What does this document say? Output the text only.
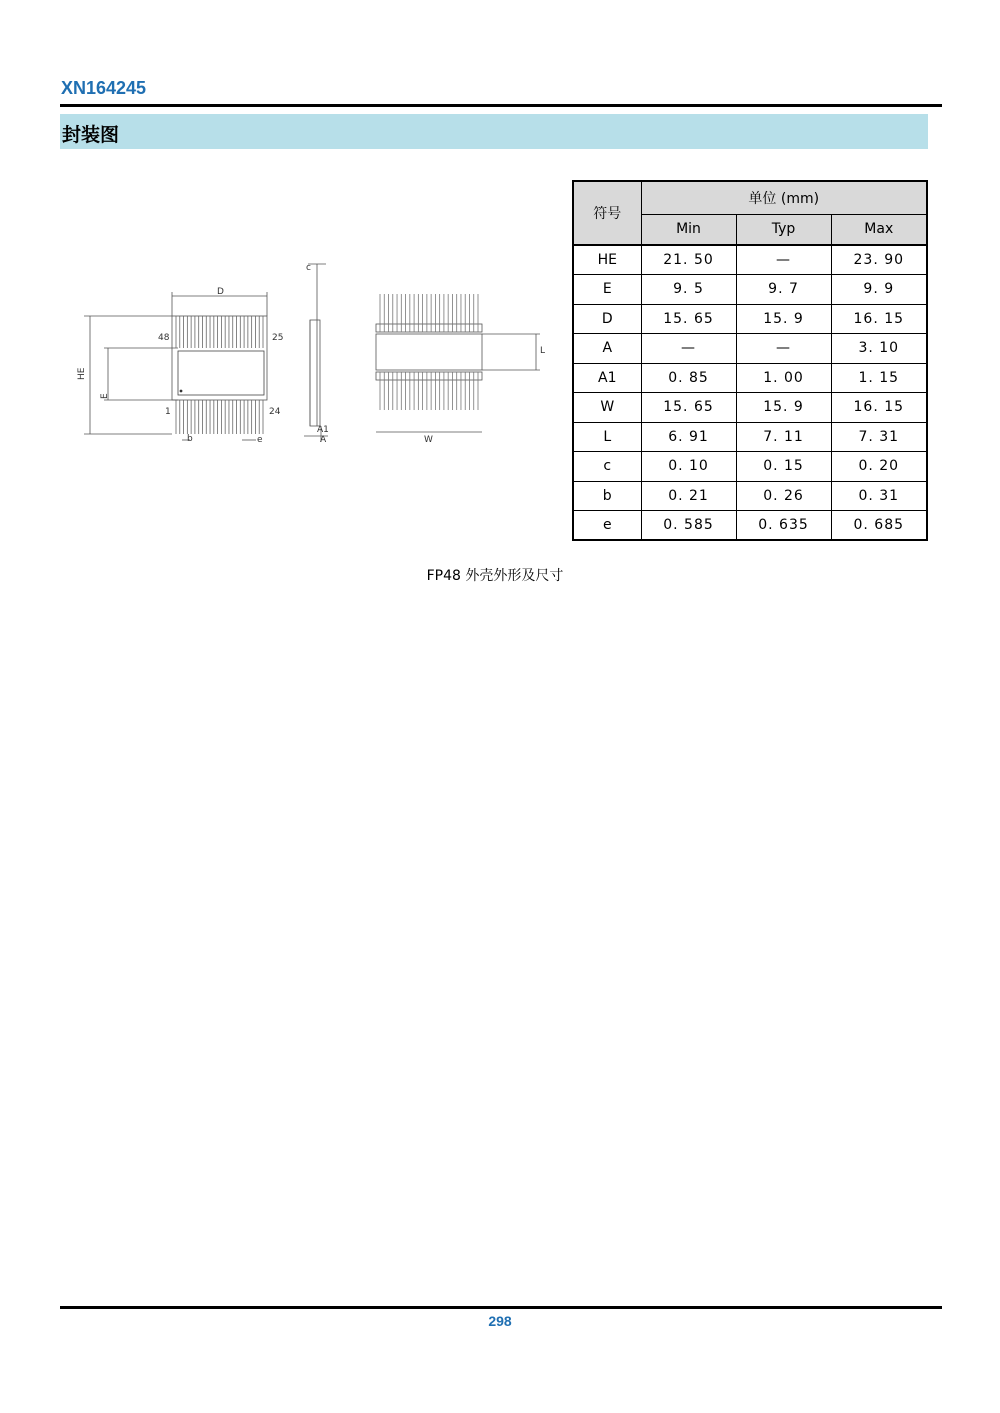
XN164245
封装图
D
48	25
1	24
HE
E
b	e
c
A1
A	W
L
符号	单位 (mm)		
	Min	Typ	Max
HE	21. 50	—	23. 90
E	9. 5	9. 7	9. 9
D	15. 65	15. 9	16. 15
A	—	—	3. 10
A1	0. 85	1. 00	1. 15
W	15. 65	15. 9	16. 15
L	6. 91	7. 11	7. 31
c	0. 10	0. 15	0. 20
b	0. 21	0. 26	0. 31
e	0. 585	0. 635	0. 685
FP48 外壳外形及尺寸
298
